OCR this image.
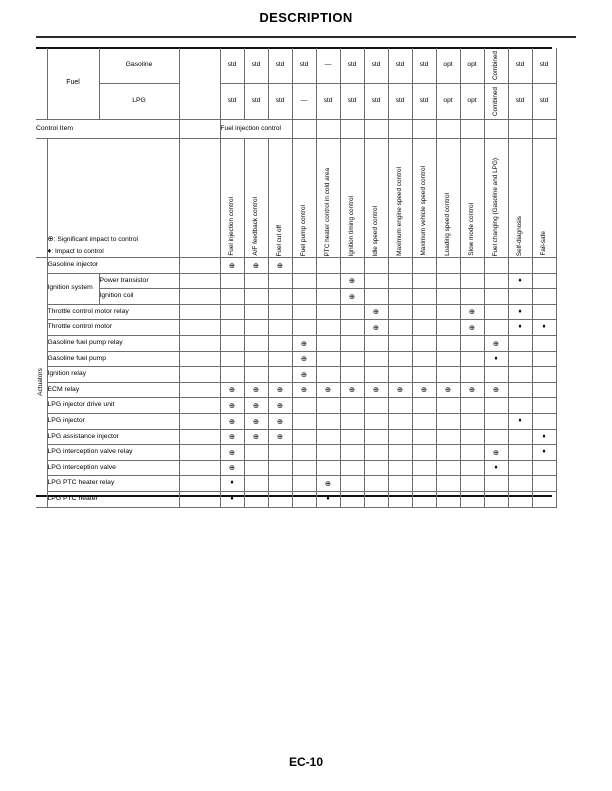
DESCRIPTION
	Fuel	Gasoline		std	std	std	std	—	std	std	std	std	opt	opt	Combined	std	std
		LPG		std	std	std	—	std	std	std	std	std	opt	opt	Combined	std	std
Control Item				Fuel injection control													

	⊕: Significant impact to control
♦: Impact to control			Fuel injection control	A/F feedback control	Fuel cut off	Fuel pump control	PTC heater control in cold area	Ignition timing control	Idle speed control	Maximum engine speed control	Maximum vehicle speed control	Loading speed control	Slow mode control	Fuel changing (Gasoline and LPG)	Self-diagnosis	Fail-safe

Actuators	Gasoline injector			⊕	⊕	⊕											
	Ignition system	Power transistor							⊕							♦	
		Ignition coil							⊕								
	Throttle control motor relay									⊕				⊕		♦	
	Throttle control motor									⊕				⊕		♦	♦
	Gasoline fuel pump relay						⊕								⊕		
	Gasoline fuel pump						⊕								♦		
	Ignition relay						⊕										
	ECM relay			⊕	⊕	⊕	⊕	⊕	⊕	⊕	⊕	⊕	⊕	⊕	⊕		
	LPG injector drive unit			⊕	⊕	⊕											
	LPG injector			⊕	⊕	⊕										♦	
	LPG assistance injector			⊕	⊕	⊕											♦
	LPG interception valve relay			⊕											⊕		♦
	LPG interception valve			⊕											♦		
	LPG PTC heater relay			♦				⊕									
	LPG PTC heater			♦				♦									
EC-10
